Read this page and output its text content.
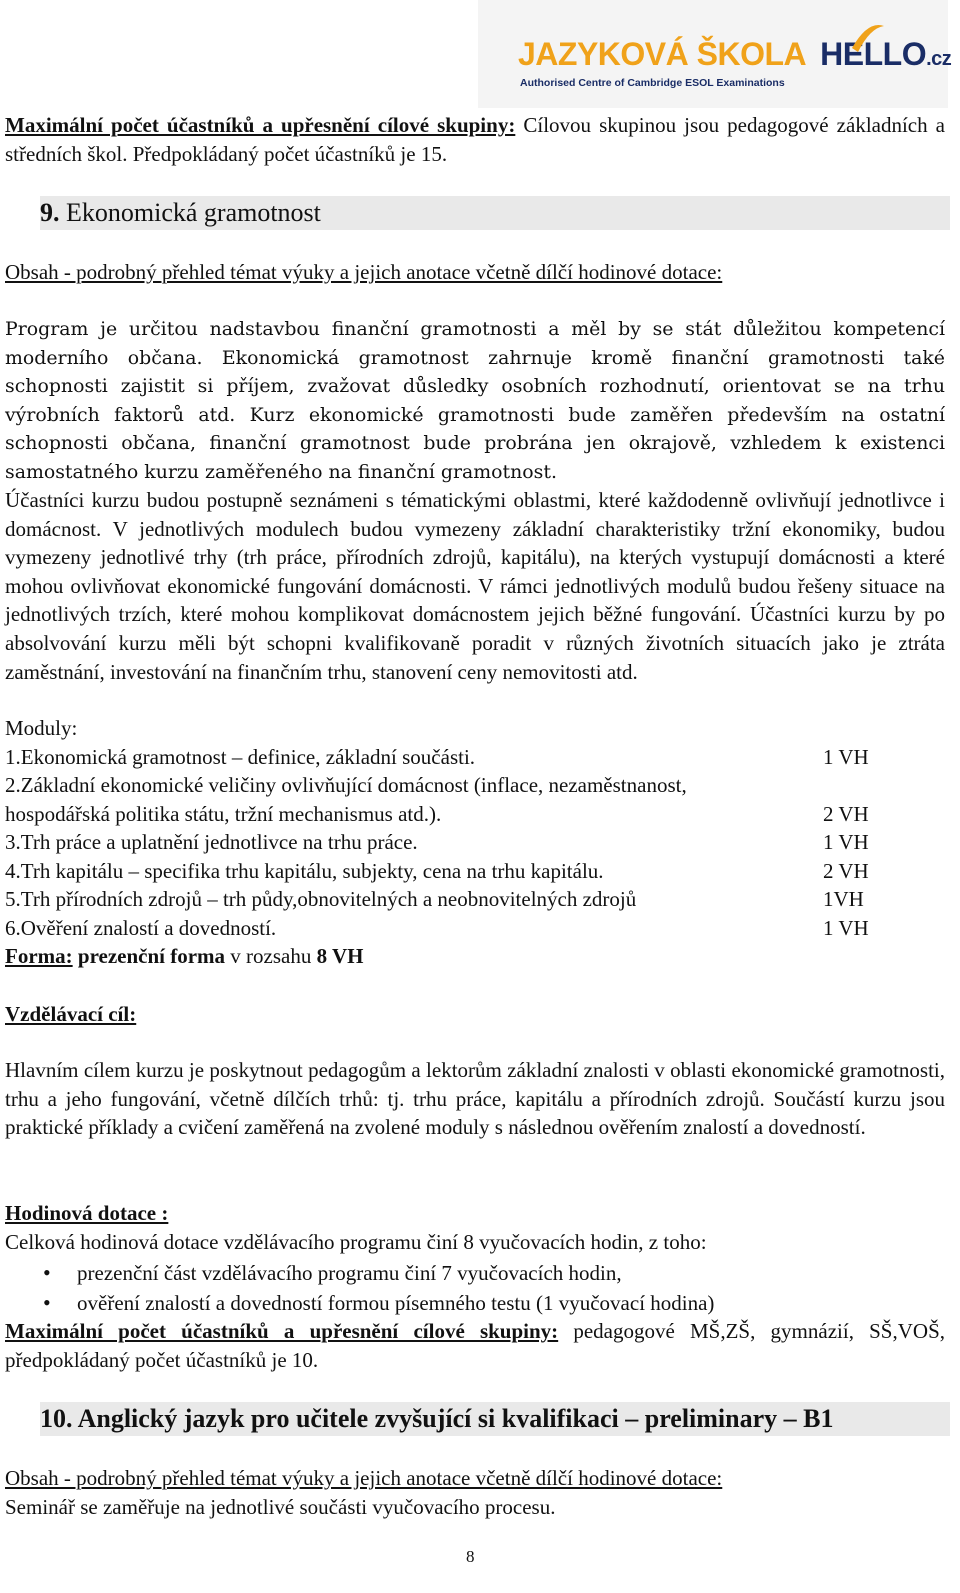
JAZYKOVÁ ŠKOLA HELLO.cz
Authorised Centre of Cambridge ESOL Examinations

Maximální počet účastníků a upřesnění cílové skupiny: Cílovou skupinou jsou pedagogové základních a středních škol. Předpokládaný počet účastníků je 15.

9. Ekonomická gramotnost

Obsah - podrobný přehled témat výuky a jejich anotace včetně dílčí hodinové dotace:

Program je určitou nadstavbou finanční gramotnosti a měl by se stát důležitou kompetencí moderního občana. Ekonomická gramotnost zahrnuje kromě finanční gramotnosti také schopnosti zajistit si příjem, zvažovat důsledky osobních rozhodnutí, orientovat se na trhu výrobních faktorů atd. Kurz ekonomické gramotnosti bude zaměřen především na ostatní schopnosti občana, finanční gramotnost bude probrána jen okrajově, vzhledem k existenci samostatného kurzu zaměřeného na finanční gramotnost.

Účastníci kurzu budou postupně seznámeni s tématickými oblastmi, které každodenně ovlivňují jednotlivce i domácnost. V jednotlivých modulech budou vymezeny základní charakteristiky tržní ekonomiky, budou vymezeny jednotlivé trhy (trh práce, přírodních zdrojů, kapitálu), na kterých vystupují domácnosti a které mohou ovlivňovat ekonomické fungování domácnosti. V rámci jednotlivých modulů budou řešeny situace na jednotlivých trzích, které mohou komplikovat domácnostem jejich běžné fungování. Účastníci kurzu by po absolvování kurzu měli být schopni kvalifikovaně poradit v různých životních situacích jako je ztráta zaměstnání, investování na finančním trhu, stanovení ceny nemovitosti atd.

Moduly:

1.Ekonomická gramotnost – definice, základní součásti.	1 VH
2.Základní ekonomické veličiny ovlivňující domácnost (inflace, nezaměstnanost,
hospodářská politika státu, tržní mechanismus atd.).	2 VH
3.Trh práce a uplatnění jednotlivce na trhu práce.	1 VH
4.Trh kapitálu – specifika trhu kapitálu, subjekty, cena na trhu kapitálu.	2 VH
5.Trh přírodních zdrojů – trh půdy,obnovitelných a neobnovitelných zdrojů	1VH
6.Ověření znalostí a dovedností.	1 VH

Forma: prezenční forma v rozsahu 8 VH

Vzdělávací cíl:

Hlavním cílem kurzu je poskytnout pedagogům a lektorům základní znalosti v oblasti ekonomické gramotnosti, trhu a jeho fungování, včetně dílčích trhů: tj. trhu práce, kapitálu a přírodních zdrojů. Součástí kurzu jsou praktické příklady a cvičení zaměřená na zvolené moduly s následnou ověřením znalostí a dovedností.

Hodinová dotace :

Celková hodinová dotace vzdělávacího programu činí 8 vyučovacích hodin, z toho:

• prezenční část vzdělávacího programu činí 7 vyučovacích hodin,
• ověření znalostí a dovedností formou písemného testu (1 vyučovací hodina)

Maximální počet účastníků a upřesnění cílové skupiny: pedagogové MŠ,ZŠ, gymnázií, SŠ,VOŠ, předpokládaný počet účastníků je 10.

10. Anglický jazyk pro učitele zvyšující si kvalifikaci – preliminary – B1

Obsah - podrobný přehled témat výuky a jejich anotace včetně dílčí hodinové dotace:

Seminář se zaměřuje na jednotlivé součásti vyučovacího procesu.

8
